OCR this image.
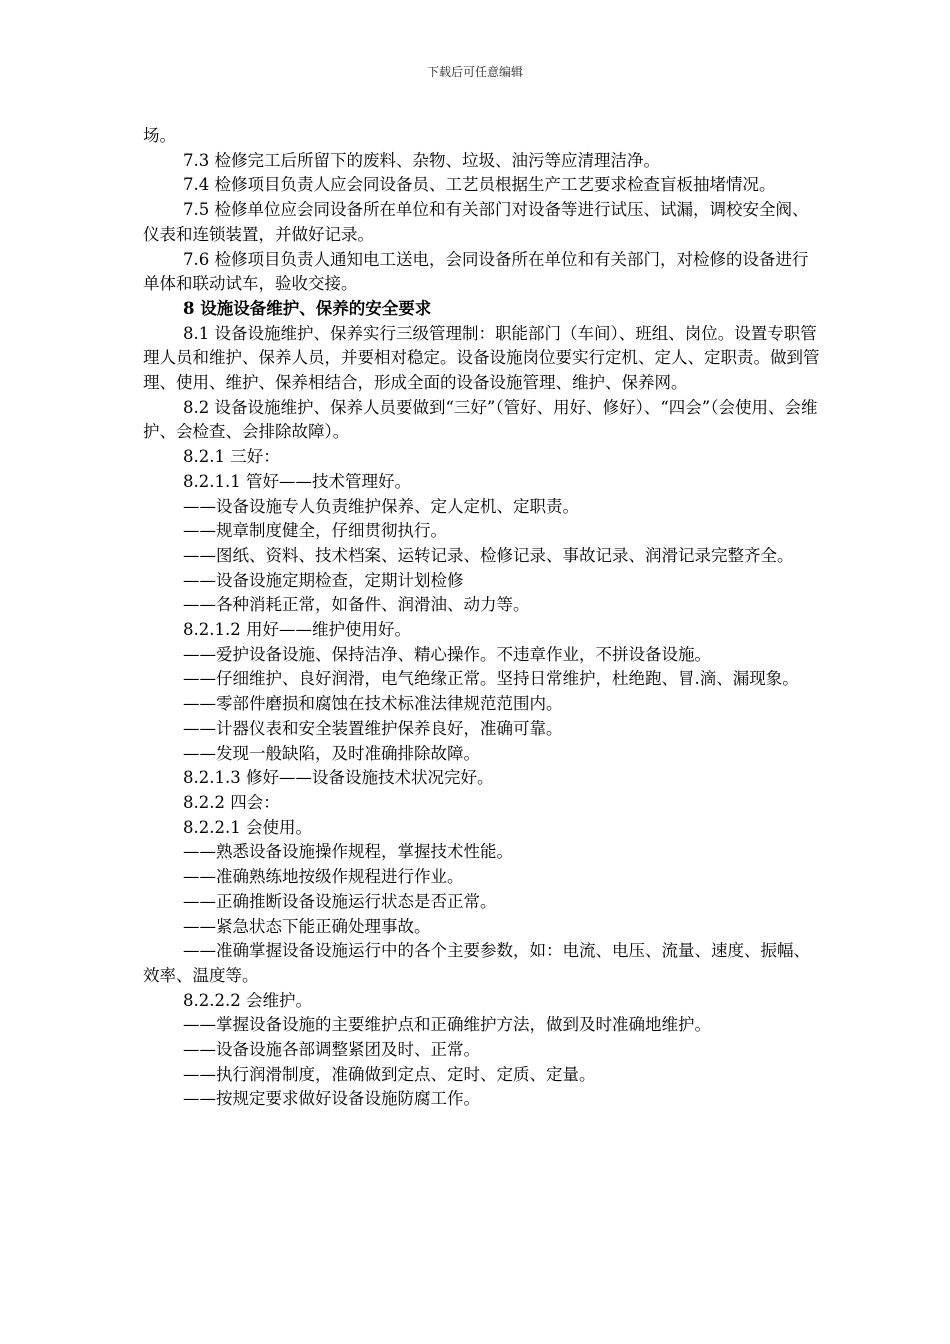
下载后可任意编辑

场。

7.3 检修完工后所留下的废料、杂物、垃圾、油污等应清理洁净。

7.4 检修项目负责人应会同设备员、工艺员根据生产工艺要求检查盲板抽堵情况。

7.5 检修单位应会同设备所在单位和有关部门对设备等进行试压、试漏，调校安全阀、仪表和连锁装置，并做好记录。

7.6 检修项目负责人通知电工送电，会同设备所在单位和有关部门，对检修的设备进行单体和联动试车，验收交接。

8 设施设备维护、保养的安全要求

8.1 设备设施维护、保养实行三级管理制：职能部门（车间）、班组、岗位。设置专职管理人员和维护、保养人员，并要相对稳定。设备设施岗位要实行定机、定人、定职责。做到管理、使用、维护、保养相结合，形成全面的设备设施管理、维护、保养网。

8.2 设备设施维护、保养人员要做到“三好”（管好、用好、修好）、“四会”（会使用、会维护、会检查、会排除故障）。

8.2.1 三好：

8.2.1.1 管好——技术管理好。

——设备设施专人负责维护保养、定人定机、定职责。

——规章制度健全，仔细贯彻执行。

——图纸、资料、技术档案、运转记录、检修记录、事故记录、润滑记录完整齐全。

——设备设施定期检查，定期计划检修

——各种消耗正常，如备件、润滑油、动力等。

8.2.1.2 用好——维护使用好。

——爱护设备设施、保持洁净、精心操作。不违章作业，不拼设备设施。

——仔细维护、良好润滑，电气绝缘正常。坚持日常维护，杜绝跑、冒.滴、漏现象。

——零部件磨损和腐蚀在技术标准法律规范范围内。

——计器仪表和安全装置维护保养良好，准确可靠。

——发现一般缺陷，及时准确排除故障。

8.2.1.3 修好——设备设施技术状况完好。

8.2.2 四会：

8.2.2.1 会使用。

——熟悉设备设施操作规程，掌握技术性能。

——准确熟练地按级作规程进行作业。

——正确推断设备设施运行状态是否正常。

——紧急状态下能正确处理事故。

——准确掌握设备设施运行中的各个主要参数，如：电流、电压、流量、速度、振幅、效率、温度等。

8.2.2.2 会维护。

——掌握设备设施的主要维护点和正确维护方法，做到及时准确地维护。

——设备设施各部调整紧团及时、正常。

——执行润滑制度，准确做到定点、定时、定质、定量。

——按规定要求做好设备设施防腐工作。
